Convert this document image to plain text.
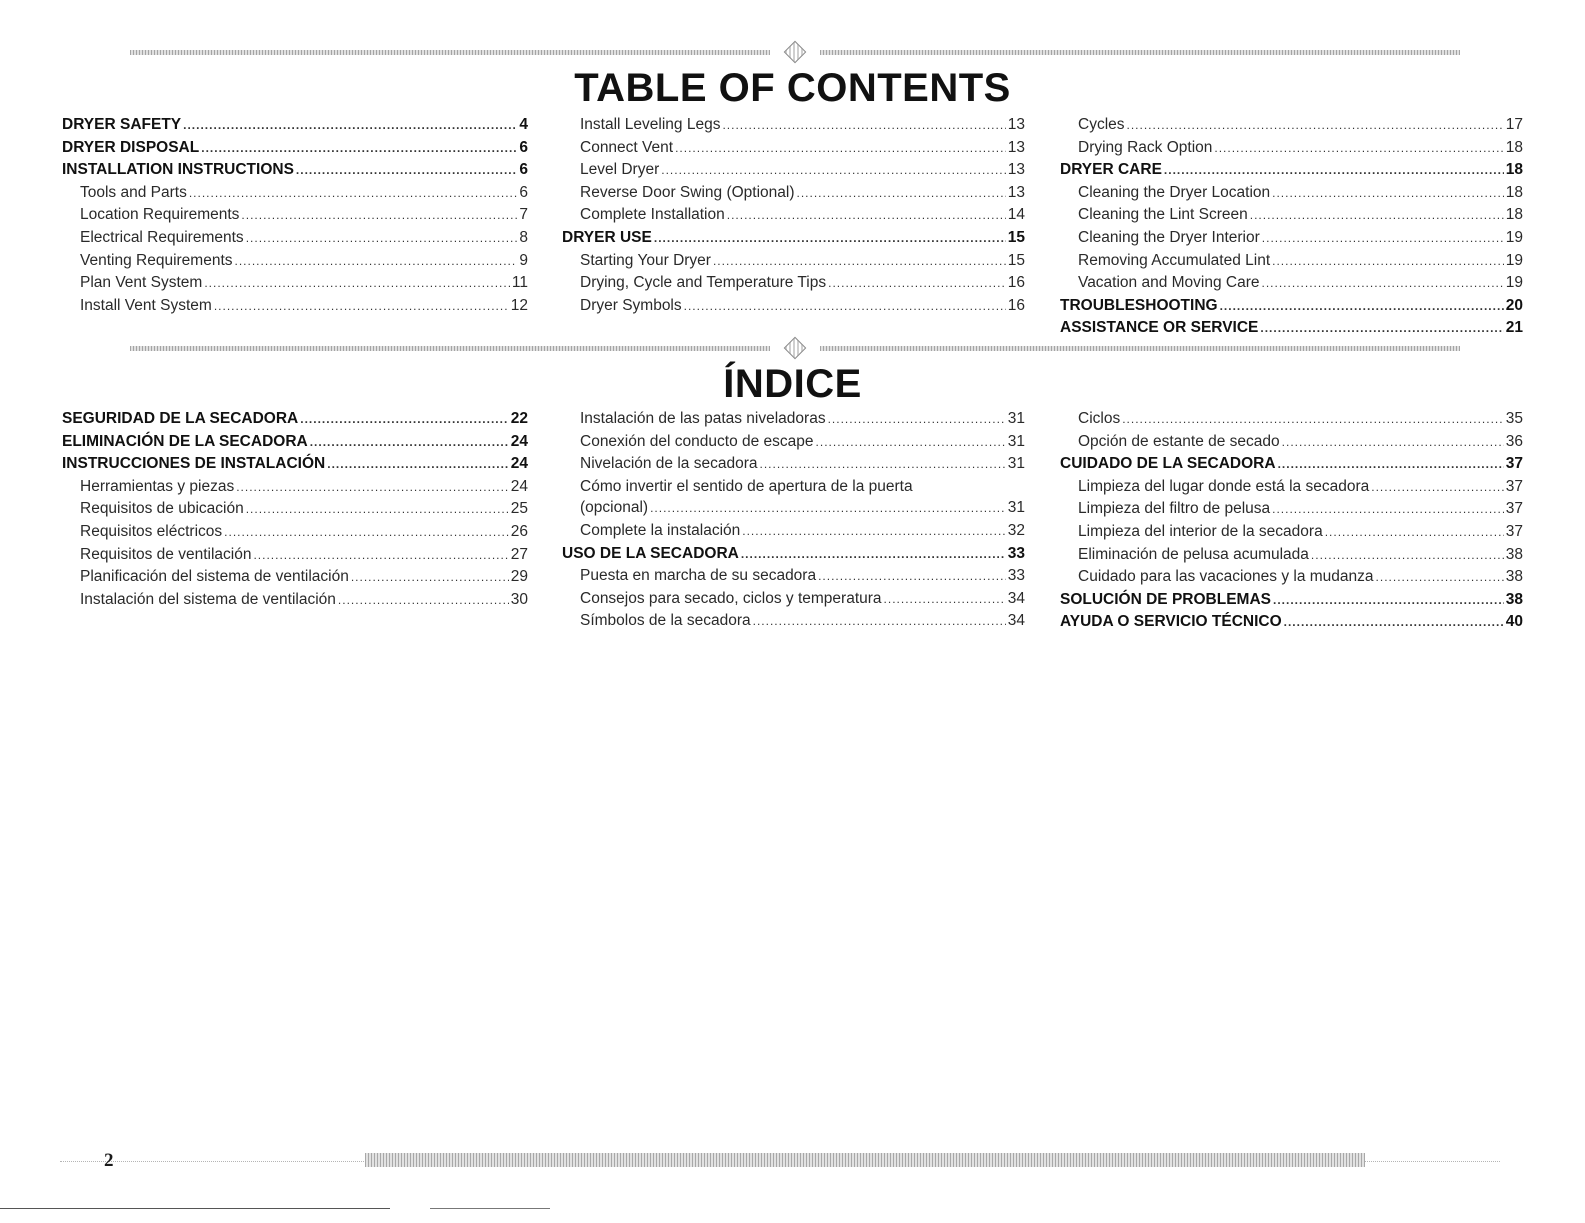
TABLE OF CONTENTS
DRYER SAFETY .....	4
DRYER DISPOSAL .....	6
INSTALLATION INSTRUCTIONS .....	6
Tools and Parts .....	6
Location Requirements .....	7
Electrical Requirements .....	8
Venting Requirements .....	9
Plan Vent System .....	11
Install Vent System .....	12
Install Leveling Legs .....	13
Connect Vent .....	13
Level Dryer .....	13
Reverse Door Swing (Optional) .....	13
Complete Installation .....	14
DRYER USE .....	15
Starting Your Dryer .....	15
Drying, Cycle and Temperature Tips .....	16
Dryer Symbols .....	16
Cycles .....	17
Drying Rack Option .....	18
DRYER CARE .....	18
Cleaning the Dryer Location .....	18
Cleaning the Lint Screen .....	18
Cleaning the Dryer Interior .....	19
Removing Accumulated Lint .....	19
Vacation and Moving Care .....	19
TROUBLESHOOTING .....	20
ASSISTANCE OR SERVICE .....	21
ÍNDICE
SEGURIDAD DE LA SECADORA .....	22
ELIMINACIÓN DE LA SECADORA .....	24
INSTRUCCIONES DE INSTALACIÓN .....	24
Herramientas y piezas .....	24
Requisitos de ubicación .....	25
Requisitos eléctricos .....	26
Requisitos de ventilación .....	27
Planificación del sistema de ventilación .....	29
Instalación del sistema de ventilación .....	30
Instalación de las patas niveladoras .....	31
Conexión del conducto de escape .....	31
Nivelación de la secadora .....	31
Cómo invertir el sentido de apertura de la puerta
(opcional) .....	31
Complete la instalación .....	32
USO DE LA SECADORA .....	33
Puesta en marcha de su secadora .....	33
Consejos para secado, ciclos y temperatura .....	34
Símbolos de la secadora .....	34
Ciclos .....	35
Opción de estante de secado .....	36
CUIDADO DE LA SECADORA .....	37
Limpieza del lugar donde está la secadora .....	37
Limpieza del filtro de pelusa .....	37
Limpieza del interior de la secadora .....	37
Eliminación de pelusa acumulada .....	38
Cuidado para las vacaciones y la mudanza .....	38
SOLUCIÓN DE PROBLEMAS .....	38
AYUDA O SERVICIO TÉCNICO .....	40
2
